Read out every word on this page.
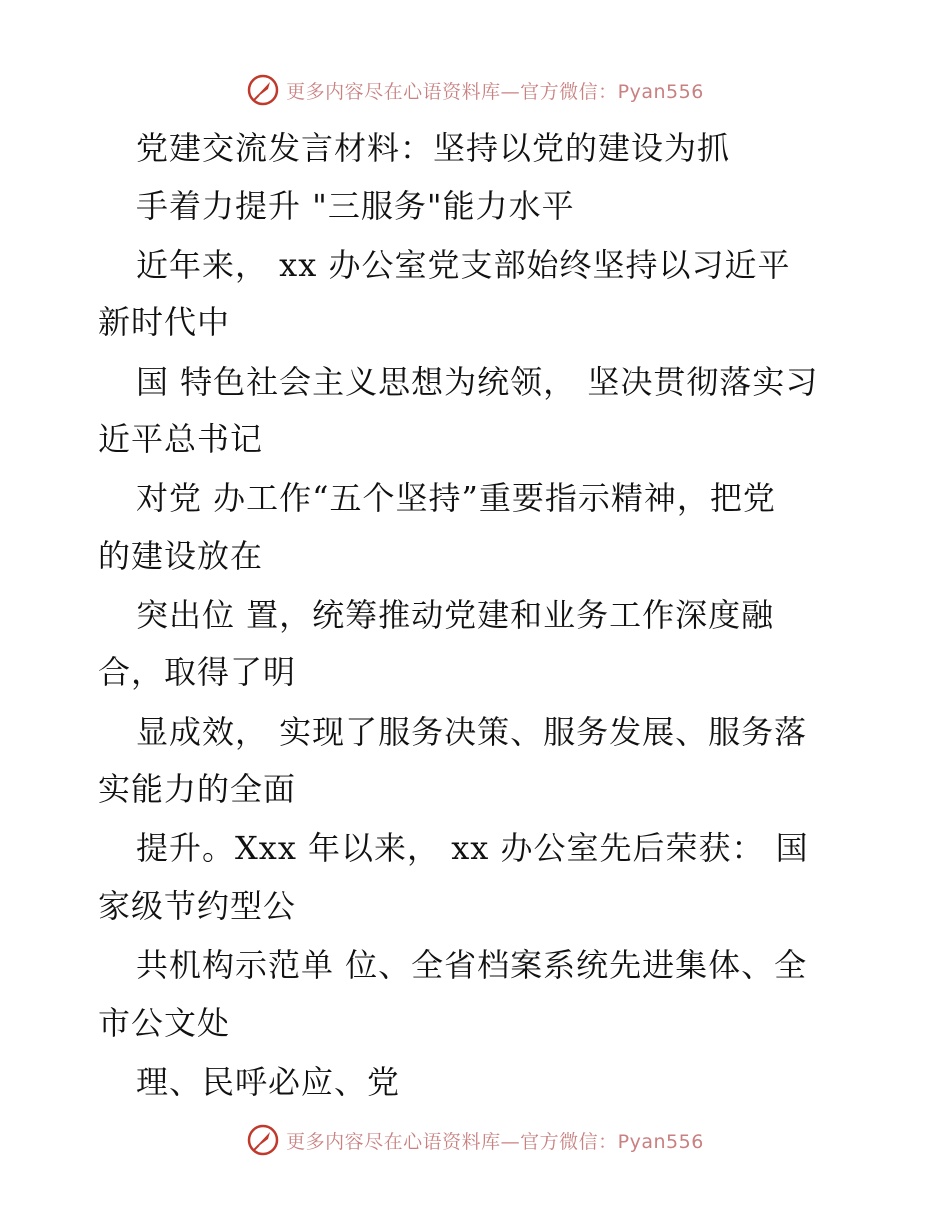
更多内容尽在心语资料库—官方微信：Pyan556
党建交流发言材料：坚持以党的建设为抓
手着力提升 "三服务"能力水平
近年来， xx 办公室党支部始终坚持以习近平
新时代中
国 特色社会主义思想为统领， 坚决贯彻落实习
近平总书记
对党 办工作“五个坚持”重要指示精神，把党
的建设放在
突出位 置，统筹推动党建和业务工作深度融
合，取得了明
显成效， 实现了服务决策、服务发展、服务落
实能力的全面
提升。Xxx 年以来， xx 办公室先后荣获： 国
家级节约型公
共机构示范单 位、全省档案系统先进集体、全
市公文处
理、民呼必应、党
更多内容尽在心语资料库—官方微信：Pyan556
